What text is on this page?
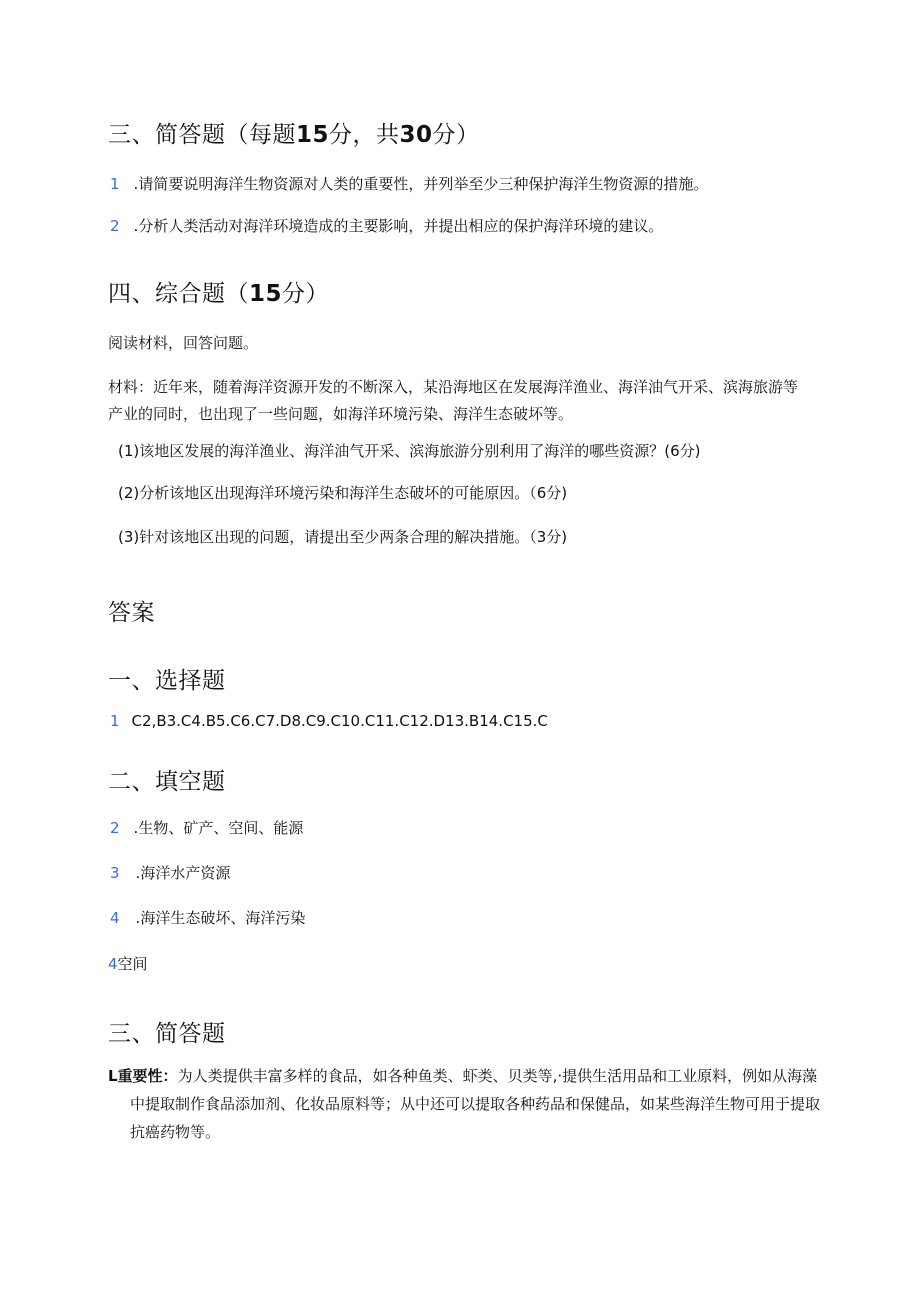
三、简答题（每题15分，共30分）
1 .请简要说明海洋生物资源对人类的重要性，并列举至少三种保护海洋生物资源的措施。
2 .分析人类活动对海洋环境造成的主要影响，并提出相应的保护海洋环境的建议。
四、综合题（15分）
阅读材料，回答问题。
材料：近年来，随着海洋资源开发的不断深入，某沿海地区在发展海洋渔业、海洋油气开采、滨海旅游等产业的同时，也出现了一些问题，如海洋环境污染、海洋生态破坏等。
(1)该地区发展的海洋渔业、海洋油气开采、滨海旅游分别利用了海洋的哪些资源？(6分)
(2)分析该地区出现海洋环境污染和海洋生态破坏的可能原因。（6分)
(3)针对该地区出现的问题，请提出至少两条合理的解决措施。（3分)
答案
一、选择题
1 C2,B3.C4.B5.C6.C7.D8.C9.C10.C11.C12.D13.B14.C15.C
二、填空题
2 .生物、矿产、空间、能源
3 .海洋水产资源
4 .海洋生态破坏、海洋污染
4空间
三、简答题
L重要性：为人类提供丰富多样的食品，如各种鱼类、虾类、贝类等,·提供生活用品和工业原料，例如从海藻中提取制作食品添加剂、化妆品原料等；从中还可以提取各种药品和保健品，如某些海洋生物可用于提取抗癌药物等。
